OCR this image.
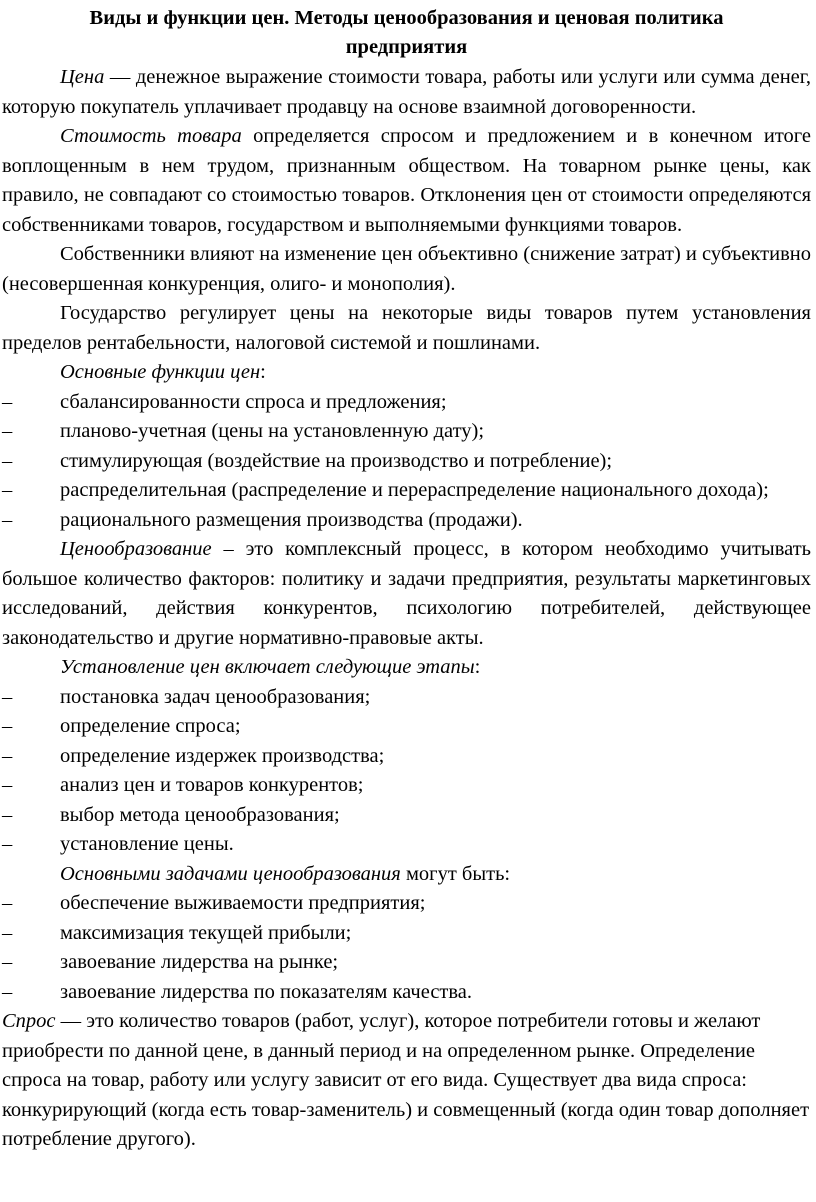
Виды и функции цен. Методы ценообразования и ценовая политика предприятия

Цена — денежное выражение стоимости товара, работы или услуги или сумма денег, которую покупатель уплачивает продавцу на основе взаимной договоренности.

Стоимость товара определяется спросом и предложением и в конечном итоге воплощенным в нем трудом, признанным обществом. На товарном рынке цены, как правило, не совпадают со стоимостью товаров. Отклонения цен от стоимости определяются собственниками товаров, государством и выполняемыми функциями товаров.

Собственники влияют на изменение цен объективно (снижение затрат) и субъективно (несовершенная конкуренция, олиго- и монополия).

Государство регулирует цены на некоторые виды товаров путем установления пределов рентабельности, налоговой системой и пошлинами.

Основные функции цен:

– сбалансированности спроса и предложения;
– планово-учетная (цены на установленную дату);
– стимулирующая (воздействие на производство и потребление);
– распределительная (распределение и перераспределение национального дохода);
– рационального размещения производства (продажи).

Ценообразование – это комплексный процесс, в котором необходимо учитывать большое количество факторов: политику и задачи предприятия, результаты маркетинговых исследований, действия конкурентов, психологию потребителей, действующее законодательство и другие нормативно-правовые акты.

Установление цен включает следующие этапы:

– постановка задач ценообразования;
– определение спроса;
– определение издержек производства;
– анализ цен и товаров конкурентов;
– выбор метода ценообразования;
– установление цены.

Основными задачами ценообразования могут быть:

– обеспечение выживаемости предприятия;
– максимизация текущей прибыли;
– завоевание лидерства на рынке;
– завоевание лидерства по показателям качества.

Спрос — это количество товаров (работ, услуг), которое потребители готовы и желают приобрести по данной цене, в данный период и на определенном рынке. Определение спроса на товар, работу или услугу зависит от его вида. Существует два вида спроса: конкурирующий (когда есть товар-заменитель) и совмещенный (когда один товар дополняет потребление другого).
